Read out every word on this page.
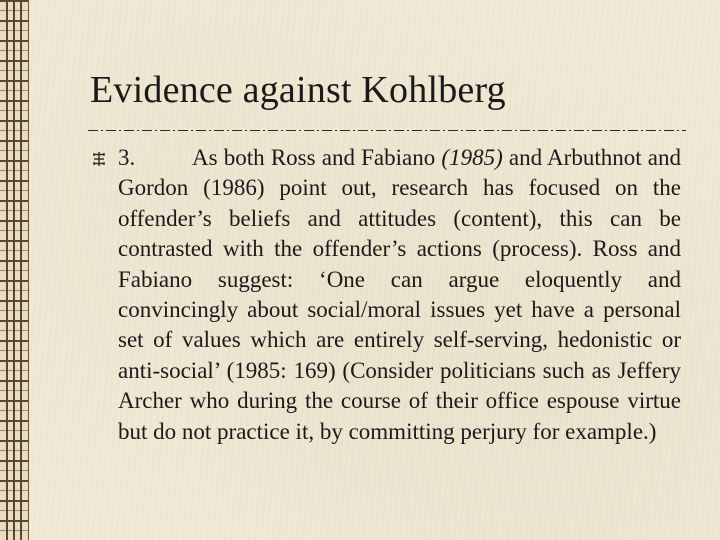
Evidence against Kohlberg

3. As both Ross and Fabiano (1985) and Arbuthnot and Gordon (1986) point out, research has focused on the offender’s beliefs and attitudes (content), this can be contrasted with the offender’s actions (process). Ross and Fabiano suggest: ‘One can argue eloquently and convincingly about social/moral issues yet have a personal set of values which are entirely self-serving, hedonistic or anti-social’ (1985: 169) (Consider politicians such as Jeffery Archer who during the course of their office espouse virtue but do not practice it, by committing perjury for example.)
